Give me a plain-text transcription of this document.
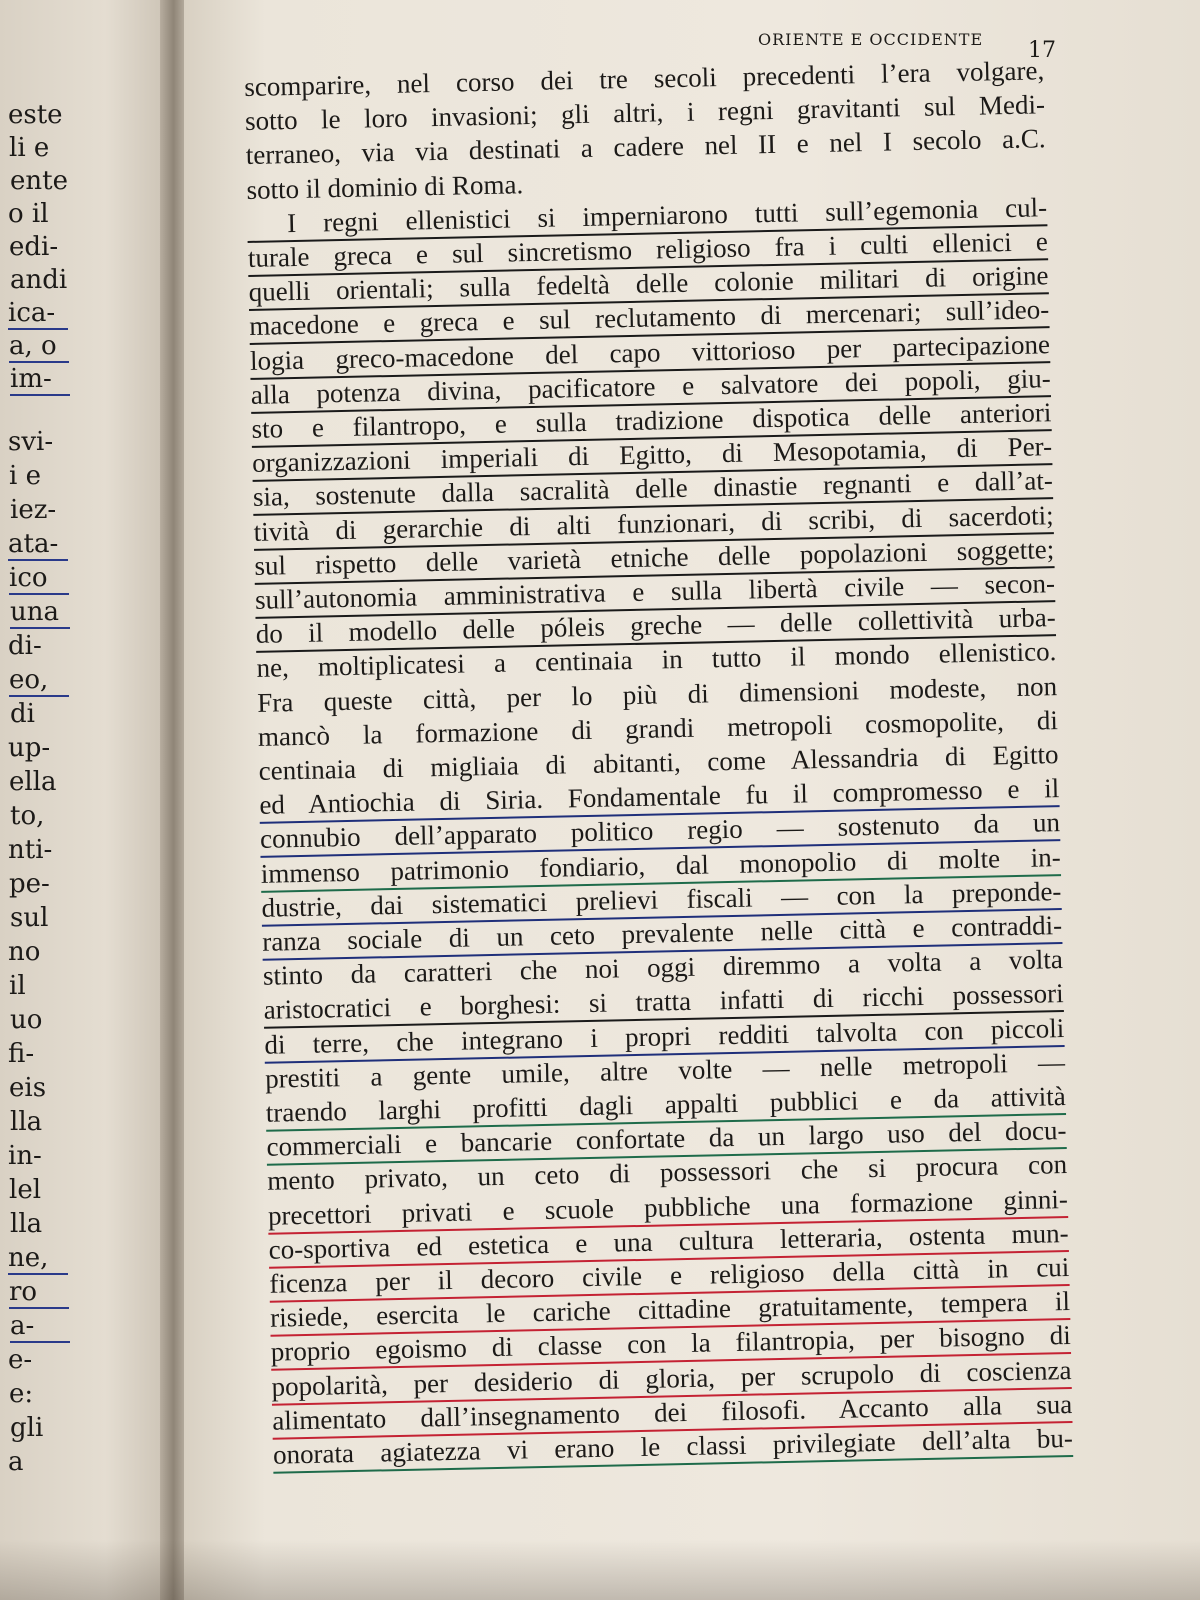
este
li e
ente
o il
edi-
andi
ica-
a, o
im-
svi-
i e
iez-
ata-
ico
una
di-
eo,
di
up-
ella
to,
nti-
pe-
sul
no
il
uo
fi-
eis
lla
in-
lel
lla
ne,
ro
a-
e-
e:
gli
a
ORIENTE E OCCIDENTE 17
scomparire, nel corso dei tre secoli precedenti l’era volgare,
sotto le loro invasioni; gli altri, i regni gravitanti sul Medi-
terraneo, via via destinati a cadere nel II e nel I secolo a.C.
sotto il dominio di Roma.
I regni ellenistici si imperniarono tutti sull’egemonia cul-
turale greca e sul sincretismo religioso fra i culti ellenici e
quelli orientali; sulla fedeltà delle colonie militari di origine
macedone e greca e sul reclutamento di mercenari; sull’ideo-
logia greco-macedone del capo vittorioso per partecipazione
alla potenza divina, pacificatore e salvatore dei popoli, giu-
sto e filantropo, e sulla tradizione dispotica delle anteriori
organizzazioni imperiali di Egitto, di Mesopotamia, di Per-
sia, sostenute dalla sacralità delle dinastie regnanti e dall’at-
tività di gerarchie di alti funzionari, di scribi, di sacerdoti;
sul rispetto delle varietà etniche delle popolazioni soggette;
sull’autonomia amministrativa e sulla libertà civile — secon-
do il modello delle póleis greche — delle collettività urba-
ne, moltiplicatesi a centinaia in tutto il mondo ellenistico.
Fra queste città, per lo più di dimensioni modeste, non
mancò la formazione di grandi metropoli cosmopolite, di
centinaia di migliaia di abitanti, come Alessandria di Egitto
ed Antiochia di Siria. Fondamentale fu il compromesso e il
connubio dell’apparato politico regio — sostenuto da un
immenso patrimonio fondiario, dal monopolio di molte in-
dustrie, dai sistematici prelievi fiscali — con la preponde-
ranza sociale di un ceto prevalente nelle città e contraddi-
stinto da caratteri che noi oggi diremmo a volta a volta
aristocratici e borghesi: si tratta infatti di ricchi possessori
di terre, che integrano i propri redditi talvolta con piccoli
prestiti a gente umile, altre volte — nelle metropoli —
traendo larghi profitti dagli appalti pubblici e da attività
commerciali e bancarie confortate da un largo uso del docu-
mento privato, un ceto di possessori che si procura con
precettori privati e scuole pubbliche una formazione ginni-
co-sportiva ed estetica e una cultura letteraria, ostenta mun-
ficenza per il decoro civile e religioso della città in cui
risiede, esercita le cariche cittadine gratuitamente, tempera il
proprio egoismo di classe con la filantropia, per bisogno di
popolarità, per desiderio di gloria, per scrupolo di coscienza
alimentato dall’insegnamento dei filosofi. Accanto alla sua
onorata agiatezza vi erano le classi privilegiate dell’alta bu-
